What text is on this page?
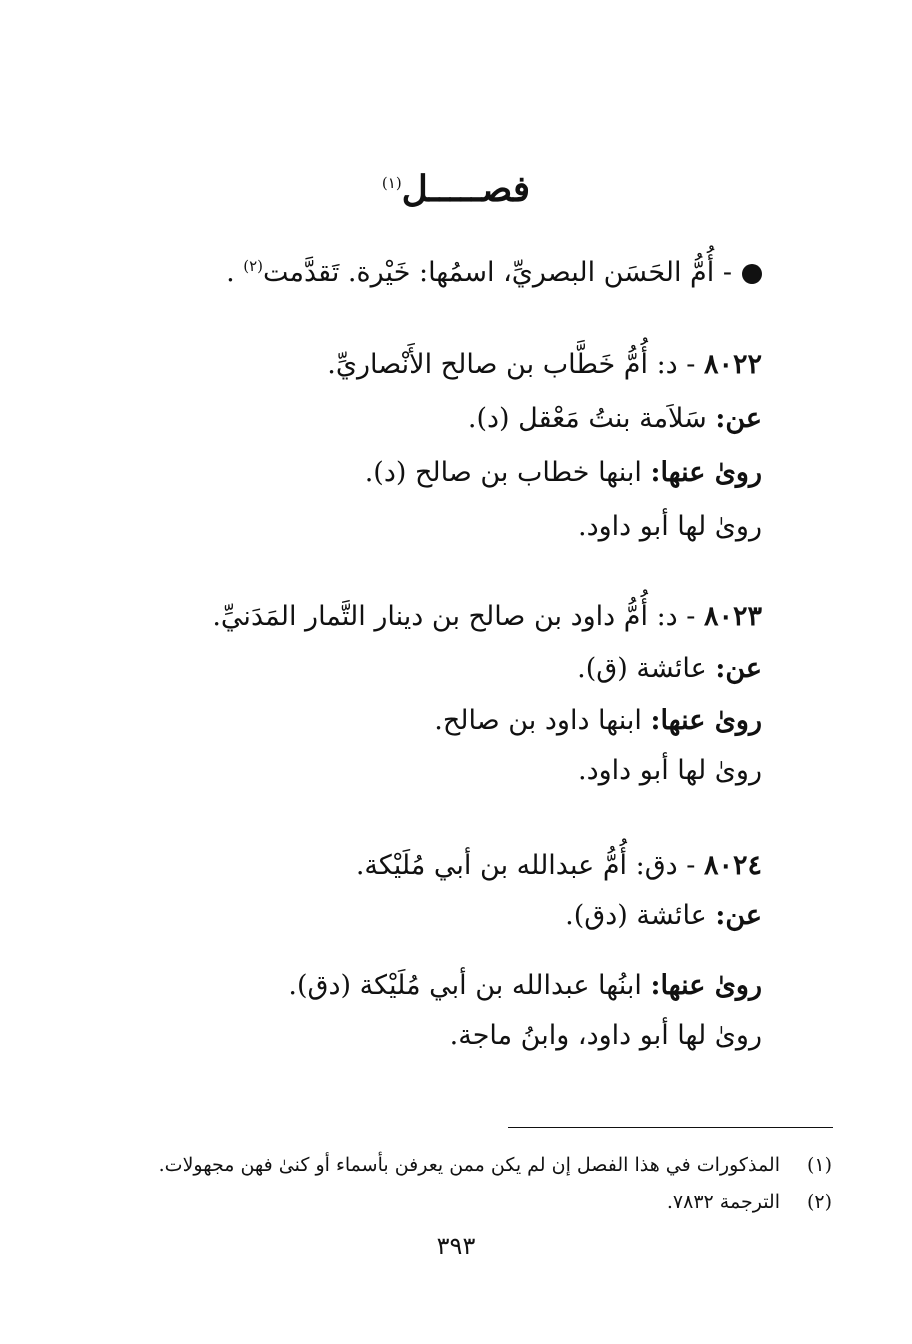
فصـــــل$^{(١)}$
- أُمُّ الحَسَن البصريِّ، اسمُها: خَيْرة. تَقدَّمت$^{(٢)}$ .
٨٠٢٢ - د: أُمُّ خَطَّاب بن صالح الأَنْصاريِّ.
عن: سَلاَمة بنتُ مَعْقل (د).
روىٰ عنها: ابنها خطاب بن صالح (د).
روىٰ لها أبو داود.
٨٠٢٣ - د: أُمُّ داود بن صالح بن دينار التَّمار المَدَنيِّ.
عن: عائشة (ق).
روىٰ عنها: ابنها داود بن صالح.
روىٰ لها أبو داود.
٨٠٢٤ - دق: أُمُّ عبدالله بن أبي مُلَيْكة.
عن: عائشة (دق).
روىٰ عنها: ابنُها عبدالله بن أبي مُلَيْكة (دق).
روىٰ لها أبو داود، وابنُ ماجة.
(١)المذكورات في هذا الفصل إن لم يكن ممن يعرفن بأسماء أو كنىٰ فهن مجهولات.
(٢)الترجمة ٧٨٣٢.
٣٩٣
